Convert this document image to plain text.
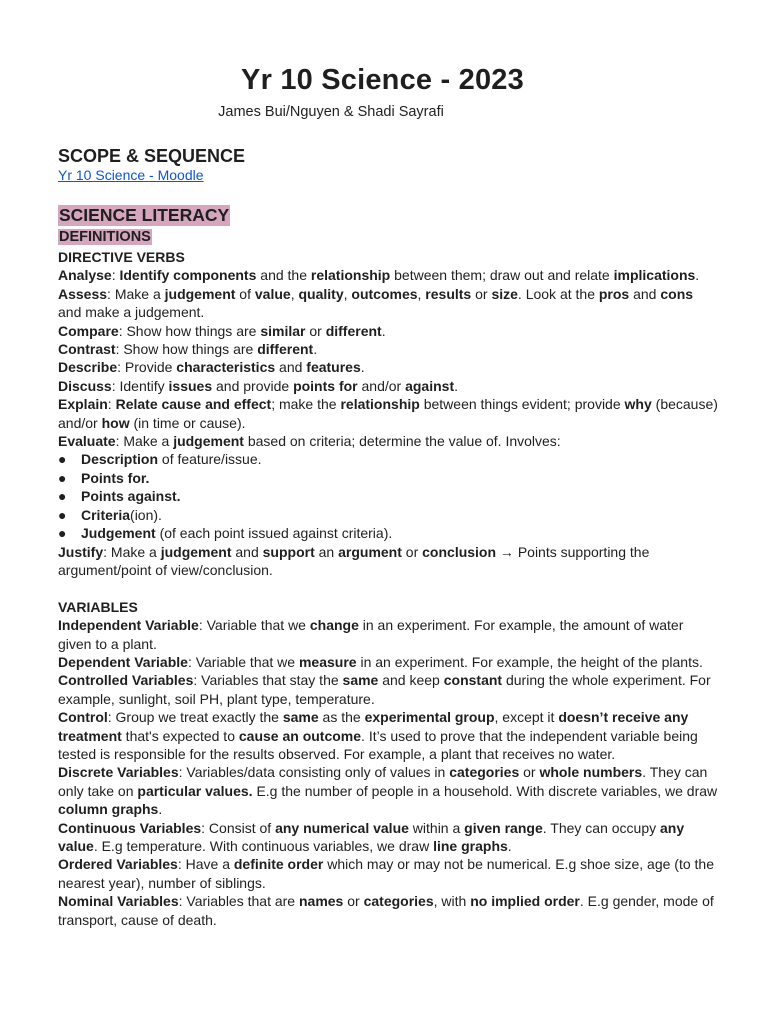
Yr 10 Science - 2023
James Bui/Nguyen & Shadi Sayrafi
SCOPE & SEQUENCE
Yr 10 Science - Moodle
SCIENCE LITERACY
DEFINITIONS

DIRECTIVE VERBS

Analyse: Identify components and the relationship between them; draw out and relate implications.

Assess: Make a judgement of value, quality, outcomes, results or size. Look at the pros and cons and make a judgement.

Compare: Show how things are similar or different.

Contrast: Show how things are different.

Describe: Provide characteristics and features.

Discuss: Identify issues and provide points for and/or against.

Explain: Relate cause and effect; make the relationship between things evident; provide why (because) and/or how (in time or cause).

Evaluate: Make a judgement based on criteria; determine the value of. Involves:

●	Description of feature/issue.
●	Points for.
●	Points against.
●	Criteria(ion).
●	Judgement (of each point issued against criteria).

Justify: Make a judgement and support an argument or conclusion → Points supporting the argument/point of view/conclusion.

VARIABLES

Independent Variable: Variable that we change in an experiment. For example, the amount of water given to a plant.

Dependent Variable: Variable that we measure in an experiment. For example, the height of the plants.

Controlled Variables: Variables that stay the same and keep constant during the whole experiment. For example, sunlight, soil PH, plant type, temperature.

Control: Group we treat exactly the same as the experimental group, except it doesn’t receive any treatment that's expected to cause an outcome. It’s used to prove that the independent variable being tested is responsible for the results observed. For example, a plant that receives no water.

Discrete Variables: Variables/data consisting only of values in categories or whole numbers. They can only take on particular values. E.g the number of people in a household. With discrete variables, we draw column graphs.

Continuous Variables: Consist of any numerical value within a given range. They can occupy any value. E.g temperature. With continuous variables, we draw line graphs.

Ordered Variables: Have a definite order which may or may not be numerical. E.g shoe size, age (to the nearest year), number of siblings.

Nominal Variables: Variables that are names or categories, with no implied order. E.g gender, mode of transport, cause of death.
